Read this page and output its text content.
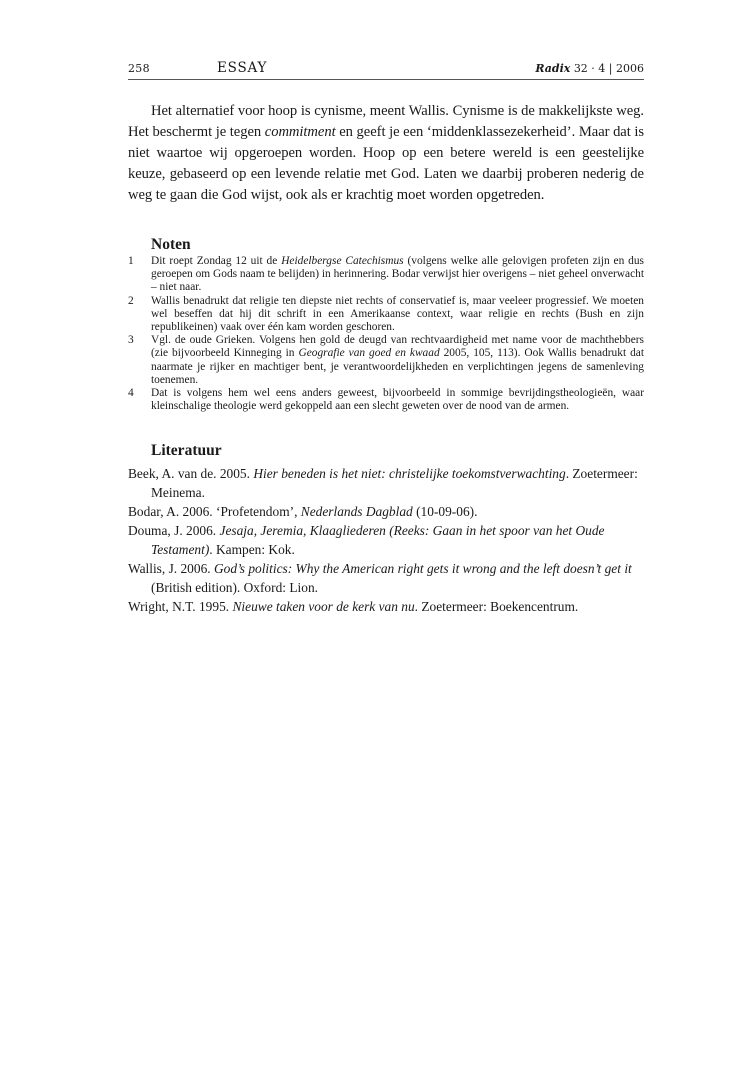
258	ESSAY	Radix 32 · 4 | 2006

Het alternatief voor hoop is cynisme, meent Wallis. Cynisme is de makkelijkste weg. Het beschermt je tegen commitment en geeft je een ‘middenklassezekerheid’. Maar dat is niet waartoe wij opgeroepen worden. Hoop op een betere wereld is een geestelijke keuze, gebaseerd op een levende relatie met God. Laten we daarbij proberen nederig de weg te gaan die God wijst, ook als er krachtig moet worden opgetreden.

Noten
1 Dit roept Zondag 12 uit de Heidelbergse Catechismus (volgens welke alle gelovigen profeten zijn en dus geroepen om Gods naam te belijden) in herinnering. Bodar verwijst hier overigens – niet geheel onverwacht – niet naar.
2 Wallis benadrukt dat religie ten diepste niet rechts of conservatief is, maar veeleer progressief. We moeten wel beseffen dat hij dit schrift in een Amerikaanse context, waar religie en rechts (Bush en zijn republikeinen) vaak over één kam worden geschoren.
3 Vgl. de oude Grieken. Volgens hen gold de deugd van rechtvaardigheid met name voor de machthebbers (zie bijvoorbeeld Kinneging in Geografie van goed en kwaad 2005, 105, 113). Ook Wallis benadrukt dat naarmate je rijker en machtiger bent, je verantwoordelijkheden en verplichtingen jegens de samenleving toenemen.
4 Dat is volgens hem wel eens anders geweest, bijvoorbeeld in sommige bevrijdingstheologieën, waar kleinschalige theologie werd gekoppeld aan een slecht geweten over de nood van de armen.
Literatuur
Beek, A. van de. 2005. Hier beneden is het niet: christelijke toekomstverwachting. Zoetermeer: Meinema.
Bodar, A. 2006. ‘Profetendom’, Nederlands Dagblad (10-09-06).
Douma, J. 2006. Jesaja, Jeremia, Klaagliederen (Reeks: Gaan in het spoor van het Oude Testament). Kampen: Kok.
Wallis, J. 2006. God’s politics: Why the American right gets it wrong and the left doesn’t get it (British edition). Oxford: Lion.
Wright, N.T. 1995. Nieuwe taken voor de kerk van nu. Zoetermeer: Boekencentrum.
